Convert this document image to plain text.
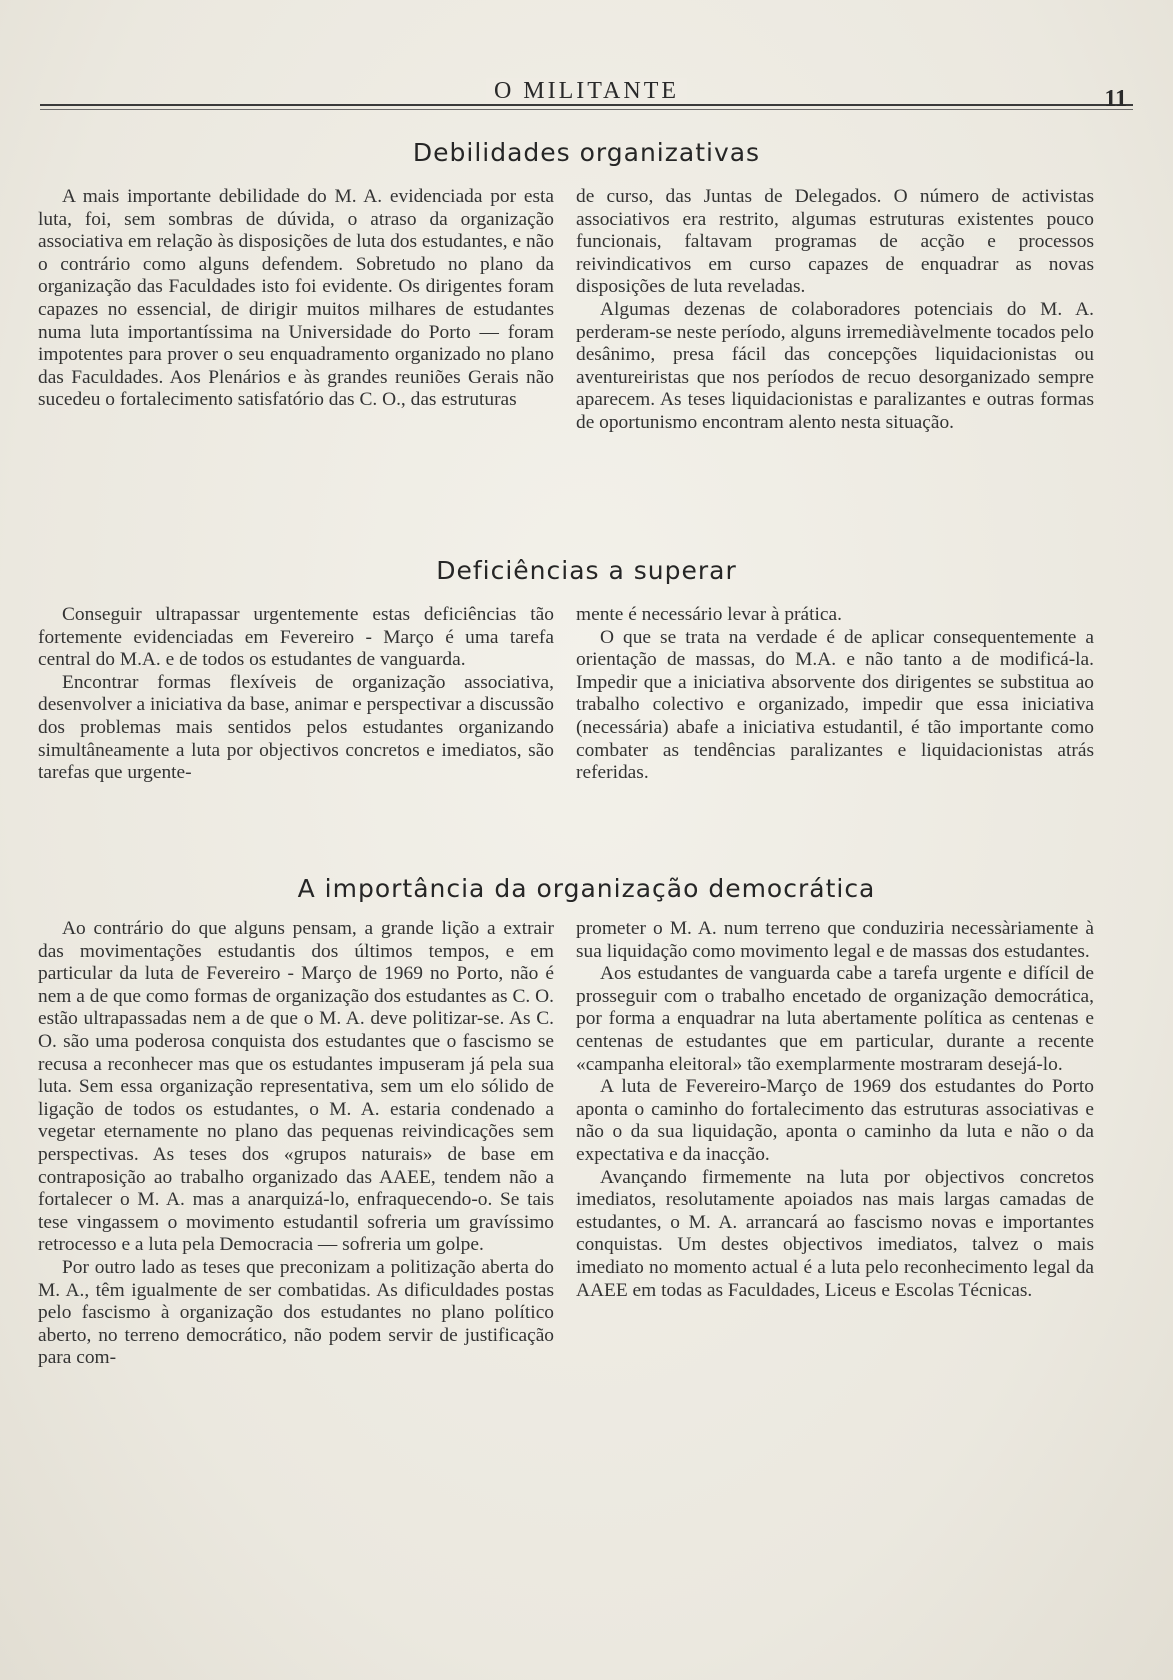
O MILITANTE	11
Debilidades organizativas

A mais importante debilidade do M. A. evidenciada por esta luta, foi, sem sombras de dúvida, o atraso da organização associativa em relação às disposições de luta dos estudantes, e não o contrário como alguns defendem. Sobretudo no plano da organização das Faculdades isto foi evidente. Os dirigentes foram capazes no essencial, de dirigir muitos milhares de estudantes numa luta importantíssima na Universidade do Porto — foram impotentes para prover o seu enquadramento organizado no plano das Faculdades. Aos Plenários e às grandes reuniões Gerais não sucedeu o fortalecimento satisfatório das C. O., das estruturas

de curso, das Juntas de Delegados. O número de activistas associativos era restrito, algumas estruturas existentes pouco funcionais, faltavam programas de acção e processos reivindicativos em curso capazes de enquadrar as novas disposições de luta reveladas.

Algumas dezenas de colaboradores potenciais do M. A. perderam-se neste período, alguns irremediàvelmente tocados pelo desânimo, presa fácil das concepções liquidacionistas ou aventureiristas que nos períodos de recuo desorganizado sempre aparecem. As teses liquidacionistas e paralizantes e outras formas de oportunismo encontram alento nesta situação.

Deficiências a superar

Conseguir ultrapassar urgentemente estas deficiências tão fortemente evidenciadas em Fevereiro - Março é uma tarefa central do M.A. e de todos os estudantes de vanguarda.

Encontrar formas flexíveis de organização associativa, desenvolver a iniciativa da base, animar e perspectivar a discussão dos problemas mais sentidos pelos estudantes organizando simultâneamente a luta por objectivos concretos e imediatos, são tarefas que urgente-

mente é necessário levar à prática.

O que se trata na verdade é de aplicar consequentemente a orientação de massas, do M.A. e não tanto a de modificá-la. Impedir que a iniciativa absorvente dos dirigentes se substitua ao trabalho colectivo e organizado, impedir que essa iniciativa (necessária) abafe a iniciativa estudantil, é tão importante como combater as tendências paralizantes e liquidacionistas atrás referidas.

A importância da organização democrática

Ao contrário do que alguns pensam, a grande lição a extrair das movimentações estudantis dos últimos tempos, e em particular da luta de Fevereiro - Março de 1969 no Porto, não é nem a de que como formas de organização dos estudantes as C. O. estão ultrapassadas nem a de que o M. A. deve politizar-se. As C. O. são uma poderosa conquista dos estudantes que o fascismo se recusa a reconhecer mas que os estudantes impuseram já pela sua luta. Sem essa organização representativa, sem um elo sólido de ligação de todos os estudantes, o M. A. estaria condenado a vegetar eternamente no plano das pequenas reivindicações sem perspectivas. As teses dos «grupos naturais» de base em contraposição ao trabalho organizado das AAEE, tendem não a fortalecer o M. A. mas a anarquizá-lo, enfraquecendo-o. Se tais tese vingassem o movimento estudantil sofreria um gravíssimo retrocesso e a luta pela Democracia — sofreria um golpe.

Por outro lado as teses que preconizam a politização aberta do M. A., têm igualmente de ser combatidas. As dificuldades postas pelo fascismo à organização dos estudantes no plano político aberto, no terreno democrático, não podem servir de justificação para com-

prometer o M. A. num terreno que conduziria necessàriamente à sua liquidação como movimento legal e de massas dos estudantes.

Aos estudantes de vanguarda cabe a tarefa urgente e difícil de prosseguir com o trabalho encetado de organização democrática, por forma a enquadrar na luta abertamente política as centenas e centenas de estudantes que em particular, durante a recente «campanha eleitoral» tão exemplarmente mostraram desejá-lo.

A luta de Fevereiro-Março de 1969 dos estudantes do Porto aponta o caminho do fortalecimento das estruturas associativas e não o da sua liquidação, aponta o caminho da luta e não o da expectativa e da inacção.

Avançando firmemente na luta por objectivos concretos imediatos, resolutamente apoiados nas mais largas camadas de estudantes, o M. A. arrancará ao fascismo novas e importantes conquistas. Um destes objectivos imediatos, talvez o mais imediato no momento actual é a luta pelo reconhecimento legal da AAEE em todas as Faculdades, Liceus e Escolas Técnicas.
